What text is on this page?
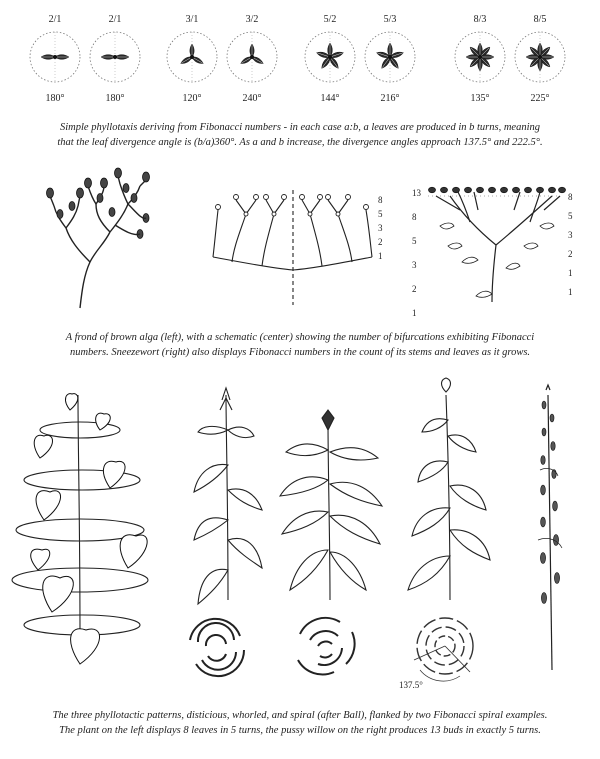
2/1
180°
2/1
180°
3/1
120°
3/2
240°
5/2
144°
5/3
216°
8/3
135°
8/5
225°
8
5
3
2
1
13
8
5
3
2
1
8
5
3
2
1
1
137.5°

Simple phyllotaxis deriving from Fibonacci numbers - in each case a:b, a leaves are produced in b turns, meaning

that the leaf divergence angle is (b/a)360°. As a and b increase, the divergence angles approach 137.5° and 222.5°.

A frond of brown alga (left), with a schematic (center) showing the number of bifurcations exhibiting Fibonacci

numbers. Sneezewort (right) also displays Fibonacci numbers in the count of its stems and leaves as it grows.

The three phyllotactic patterns, disticious, whorled, and spiral (after Ball), flanked by two Fibonacci spiral examples.

The plant on the left displays 8 leaves in 5 turns, the pussy willow on the right produces 13 buds in exactly 5 turns.
